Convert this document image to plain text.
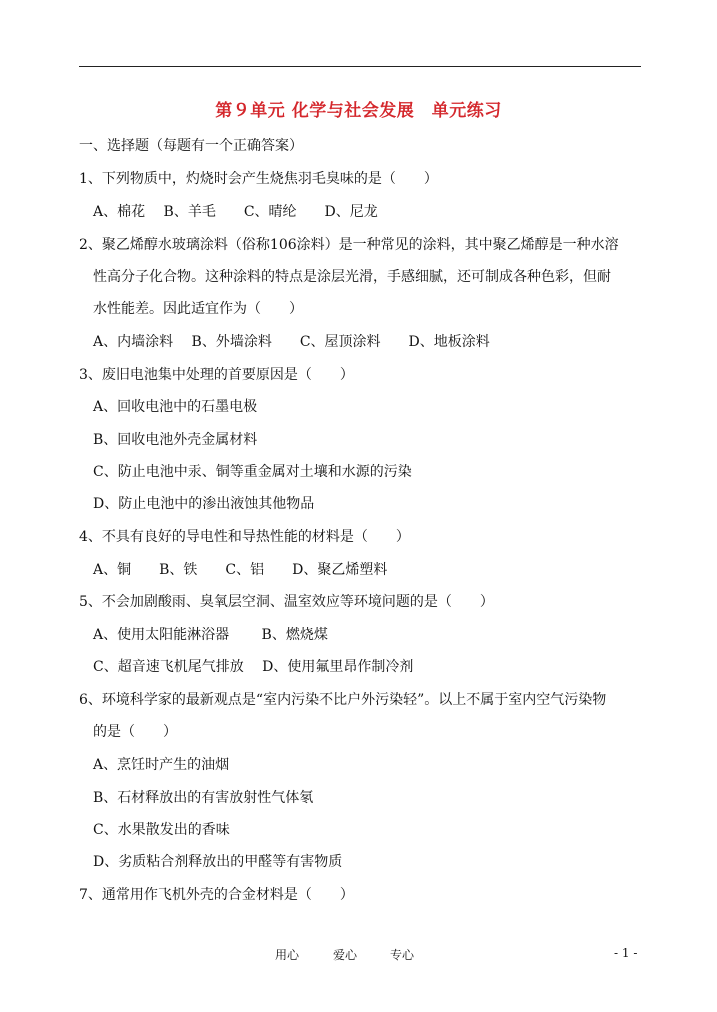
第９单元 化学与社会发展　单元练习
一、选择题（每题有一个正确答案）
1、下列物质中，灼烧时会产生烧焦羽毛臭味的是（　　）
A、棉花　 B、羊毛　　C、晴纶　　D、尼龙
2、聚乙烯醇水玻璃涂料（俗称106涂料）是一种常见的涂料，其中聚乙烯醇是一种水溶
性高分子化合物。这种涂料的特点是涂层光滑，手感细腻，还可制成各种色彩，但耐
水性能差。因此适宜作为（　　）
A、内墙涂料　 B、外墙涂料　　C、屋顶涂料　　D、地板涂料
3、废旧电池集中处理的首要原因是（　　）
A、回收电池中的石墨电极
B、回收电池外壳金属材料
C、防止电池中汞、铜等重金属对土壤和水源的污染
D、防止电池中的渗出液蚀其他物品
4、不具有良好的导电性和导热性能的材料是（　　）
A、铜　　B、铁　　C、铝　　D、聚乙烯塑料
5、不会加剧酸雨、臭氧层空洞、温室效应等环境问题的是（　　）
A、使用太阳能淋浴器　　 B、燃烧煤
C、超音速飞机尾气排放　 D、使用氟里昂作制冷剂
6、环境科学家的最新观点是“室内污染不比户外污染轻”。以上不属于室内空气污染物
的是（　　）
A、烹饪时产生的油烟
B、石材释放出的有害放射性气体氡
C、水果散发出的香味
D、劣质粘合剂释放出的甲醛等有害物质
7、通常用作飞机外壳的合金材料是（　　）
用心	爱心	专心	- 1 -
